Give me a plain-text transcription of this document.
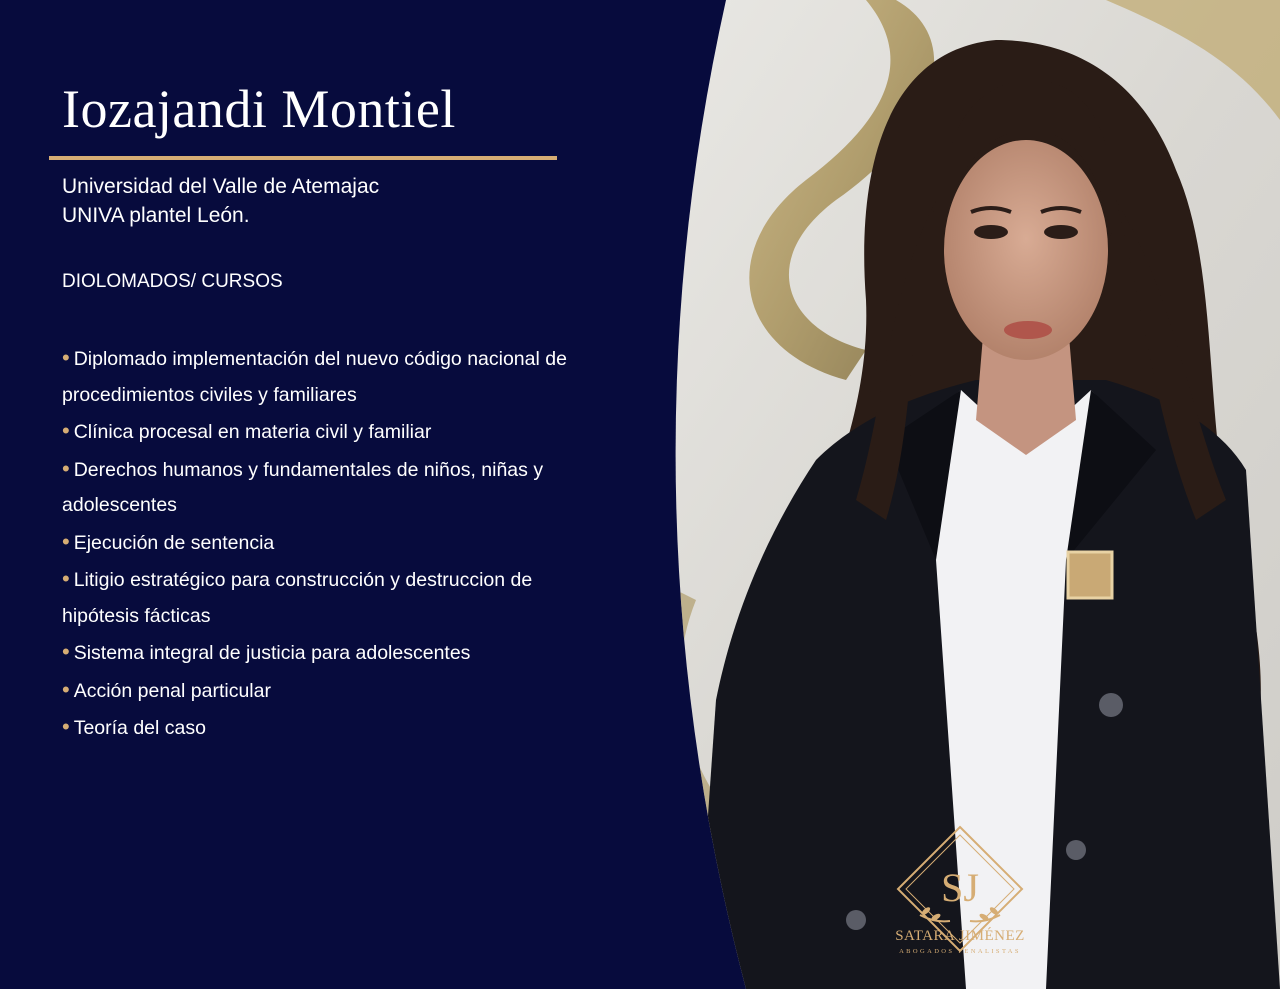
Iozajandi Montiel

Universidad del Valle de Atemajac
UNIVA plantel León.

DIOLOMADOS/ CURSOS

• Diplomado implementación del nuevo código nacional de procedimientos civiles y familiares
• Clínica procesal en materia civil y familiar
• Derechos humanos y fundamentales de niños, niñas y adolescentes
• Ejecución de sentencia
• Litigio estratégico para construcción y destruccion de hipótesis fácticas
• Sistema integral de justicia para adolescentes
• Acción penal particular
• Teoría del caso
SJ
SATARA JIMÉNEZ
ABOGADOS PENALISTAS
